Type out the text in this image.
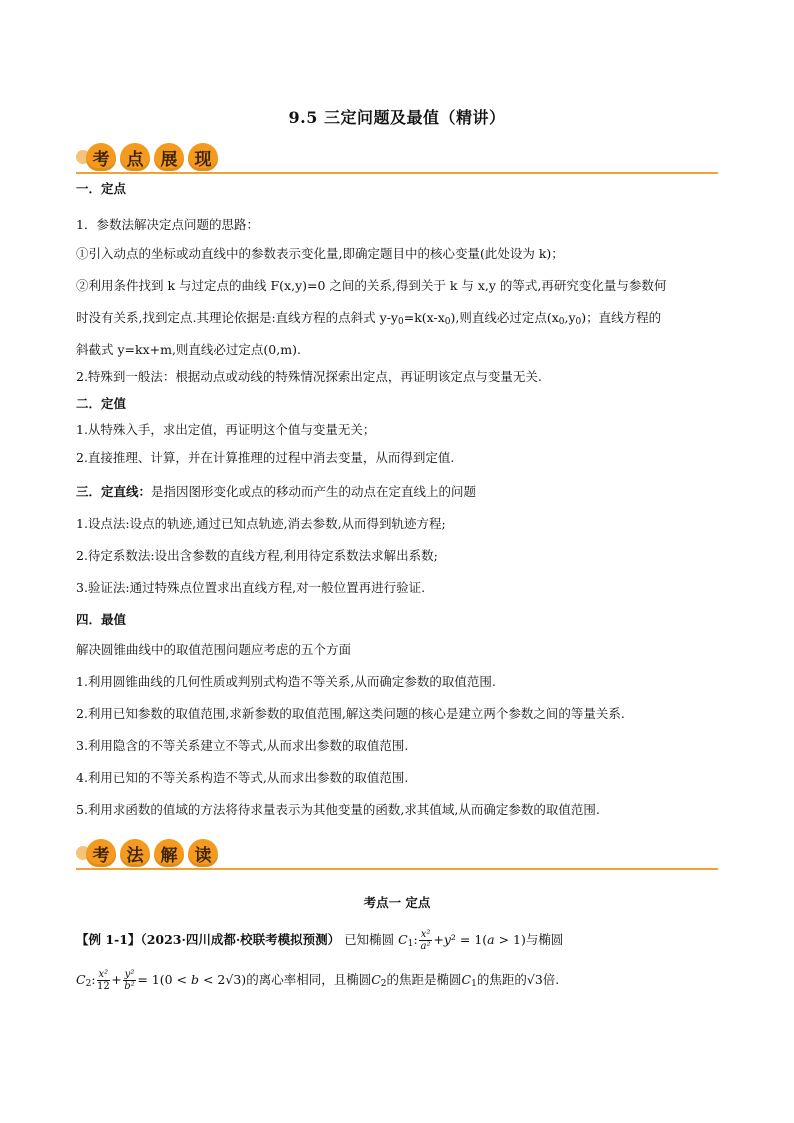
9.5 三定问题及最值（精讲）
考	点	展	现
一．定点
1．参数法解决定点问题的思路：
①引入动点的坐标或动直线中的参数表示变化量,即确定题目中的核心变量(此处设为 k)；
②利用条件找到 k 与过定点的曲线 F(x,y)=0 之间的关系,得到关于 k 与 x,y 的等式,再研究变化量与参数何
时没有关系,找到定点.其理论依据是:直线方程的点斜式 $y-y_0=k(x-x_0)$,则直线必过定点$(x_0,y_0)$；直线方程的
斜截式 y=kx+m,则直线必过定点(0,m).
2.特殊到一般法：根据动点或动线的特殊情况探索出定点，再证明该定点与变量无关.
二．定值
1.从特殊入手，求出定值，再证明这个值与变量无关；
2.直接推理、计算，并在计算推理的过程中消去变量，从而得到定值.
三．定直线：是指因图形变化或点的移动而产生的动点在定直线上的问题
1.设点法:设点的轨迹,通过已知点轨迹,消去参数,从而得到轨迹方程;
2.待定系数法:设出含参数的直线方程,利用待定系数法求解出系数;
3.验证法:通过特殊点位置求出直线方程,对一般位置再进行验证.
四．最值
解决圆锥曲线中的取值范围问题应考虑的五个方面
1.利用圆锥曲线的几何性质或判别式构造不等关系,从而确定参数的取值范围.
2.利用已知参数的取值范围,求新参数的取值范围,解这类问题的核心是建立两个参数之间的等量关系.
3.利用隐含的不等关系建立不等式,从而求出参数的取值范围.
4.利用已知的不等关系构造不等式,从而求出参数的取值范围.
5.利用求函数的值域的方法将待求量表示为其他变量的函数,求其值域,从而确定参数的取值范围.
考	法	解	读
考点一 定点
【例 1-1】（2023·四川成都·校联考模拟预测） 已知椭圆 $C_1$: $\frac{\text{x²}}{\text{a²}} +y^2 = 1(a > 1)$与椭圆
$C_2$: $\frac{\text{x²}}{12} + \frac{\text{y²}}{\text{b²}} = 1(0 < b < 2√3)$的离心率相同，且椭圆$C_2$的焦距是椭圆$C_1$的焦距的√3倍.
